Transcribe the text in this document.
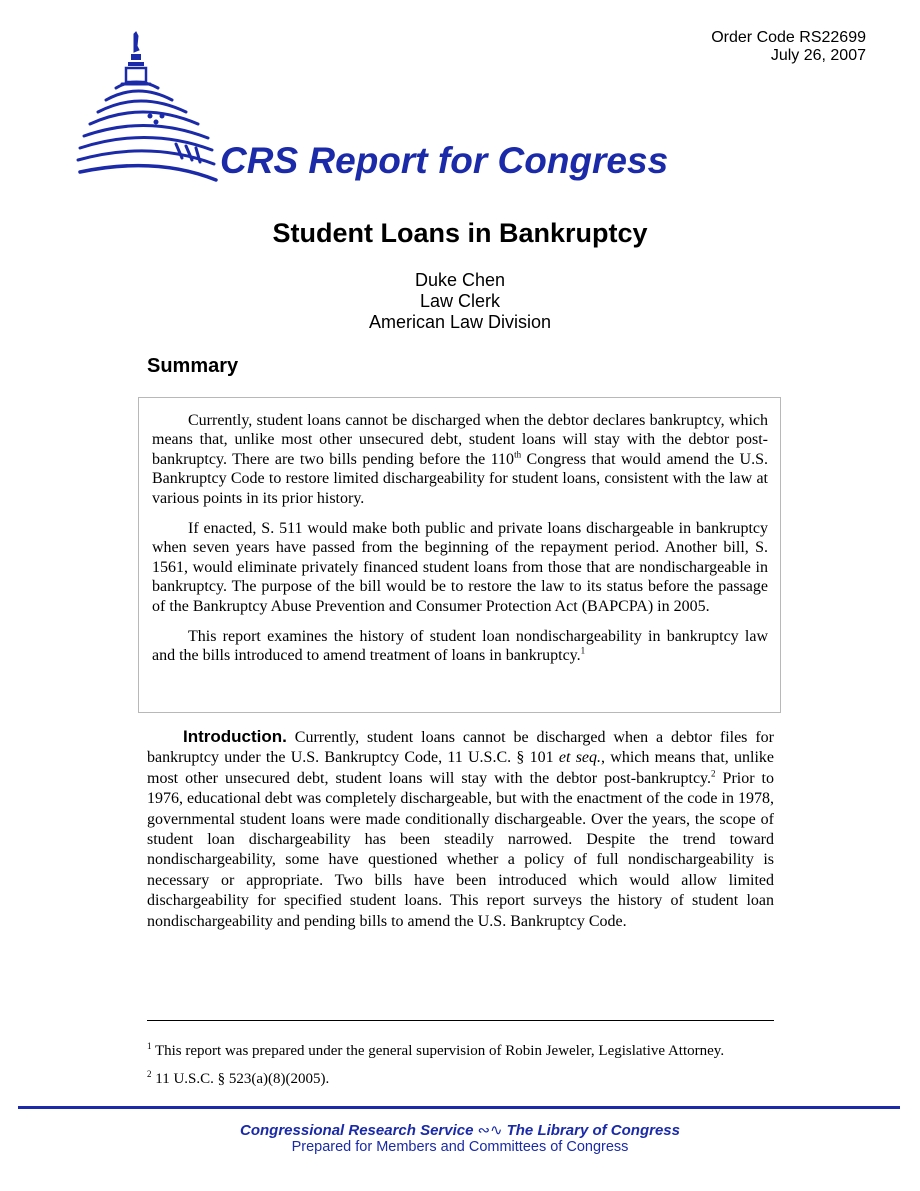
Order Code RS22699
July 26, 2007
CRS Report for Congress
Student Loans in Bankruptcy
Duke Chen
Law Clerk
American Law Division
Summary

Currently, student loans cannot be discharged when the debtor declares bankruptcy, which means that, unlike most other unsecured debt, student loans will stay with the debtor post-bankruptcy. There are two bills pending before the 110th Congress that would amend the U.S. Bankruptcy Code to restore limited dischargeability for student loans, consistent with the law at various points in its prior history.

If enacted, S. 511 would make both public and private loans dischargeable in bankruptcy when seven years have passed from the beginning of the repayment period. Another bill, S. 1561, would eliminate privately financed student loans from those that are nondischargeable in bankruptcy. The purpose of the bill would be to restore the law to its status before the passage of the Bankruptcy Abuse Prevention and Consumer Protection Act (BAPCPA) in 2005.

This report examines the history of student loan nondischargeability in bankruptcy law and the bills introduced to amend treatment of loans in bankruptcy.$^1$

Introduction. Currently, student loans cannot be discharged when a debtor files for bankruptcy under the U.S. Bankruptcy Code, 11 U.S.C. § 101 et seq., which means that, unlike most other unsecured debt, student loans will stay with the debtor post-bankruptcy.$^2$ Prior to 1976, educational debt was completely dischargeable, but with the enactment of the code in 1978, governmental student loans were made conditionally dischargeable. Over the years, the scope of student loan dischargeability has been steadily narrowed. Despite the trend toward nondischargeability, some have questioned whether a policy of full nondischargeability is necessary or appropriate. Two bills have been introduced which would allow limited dischargeability for specified student loans. This report surveys the history of student loan nondischargeability and pending bills to amend the U.S. Bankruptcy Code.

$^1$ This report was prepared under the general supervision of Robin Jeweler, Legislative Attorney.

$^2$ 11 U.S.C. § 523(a)(8)(2005).

Congressional Research Service ∾∿ The Library of Congress
Prepared for Members and Committees of Congress
